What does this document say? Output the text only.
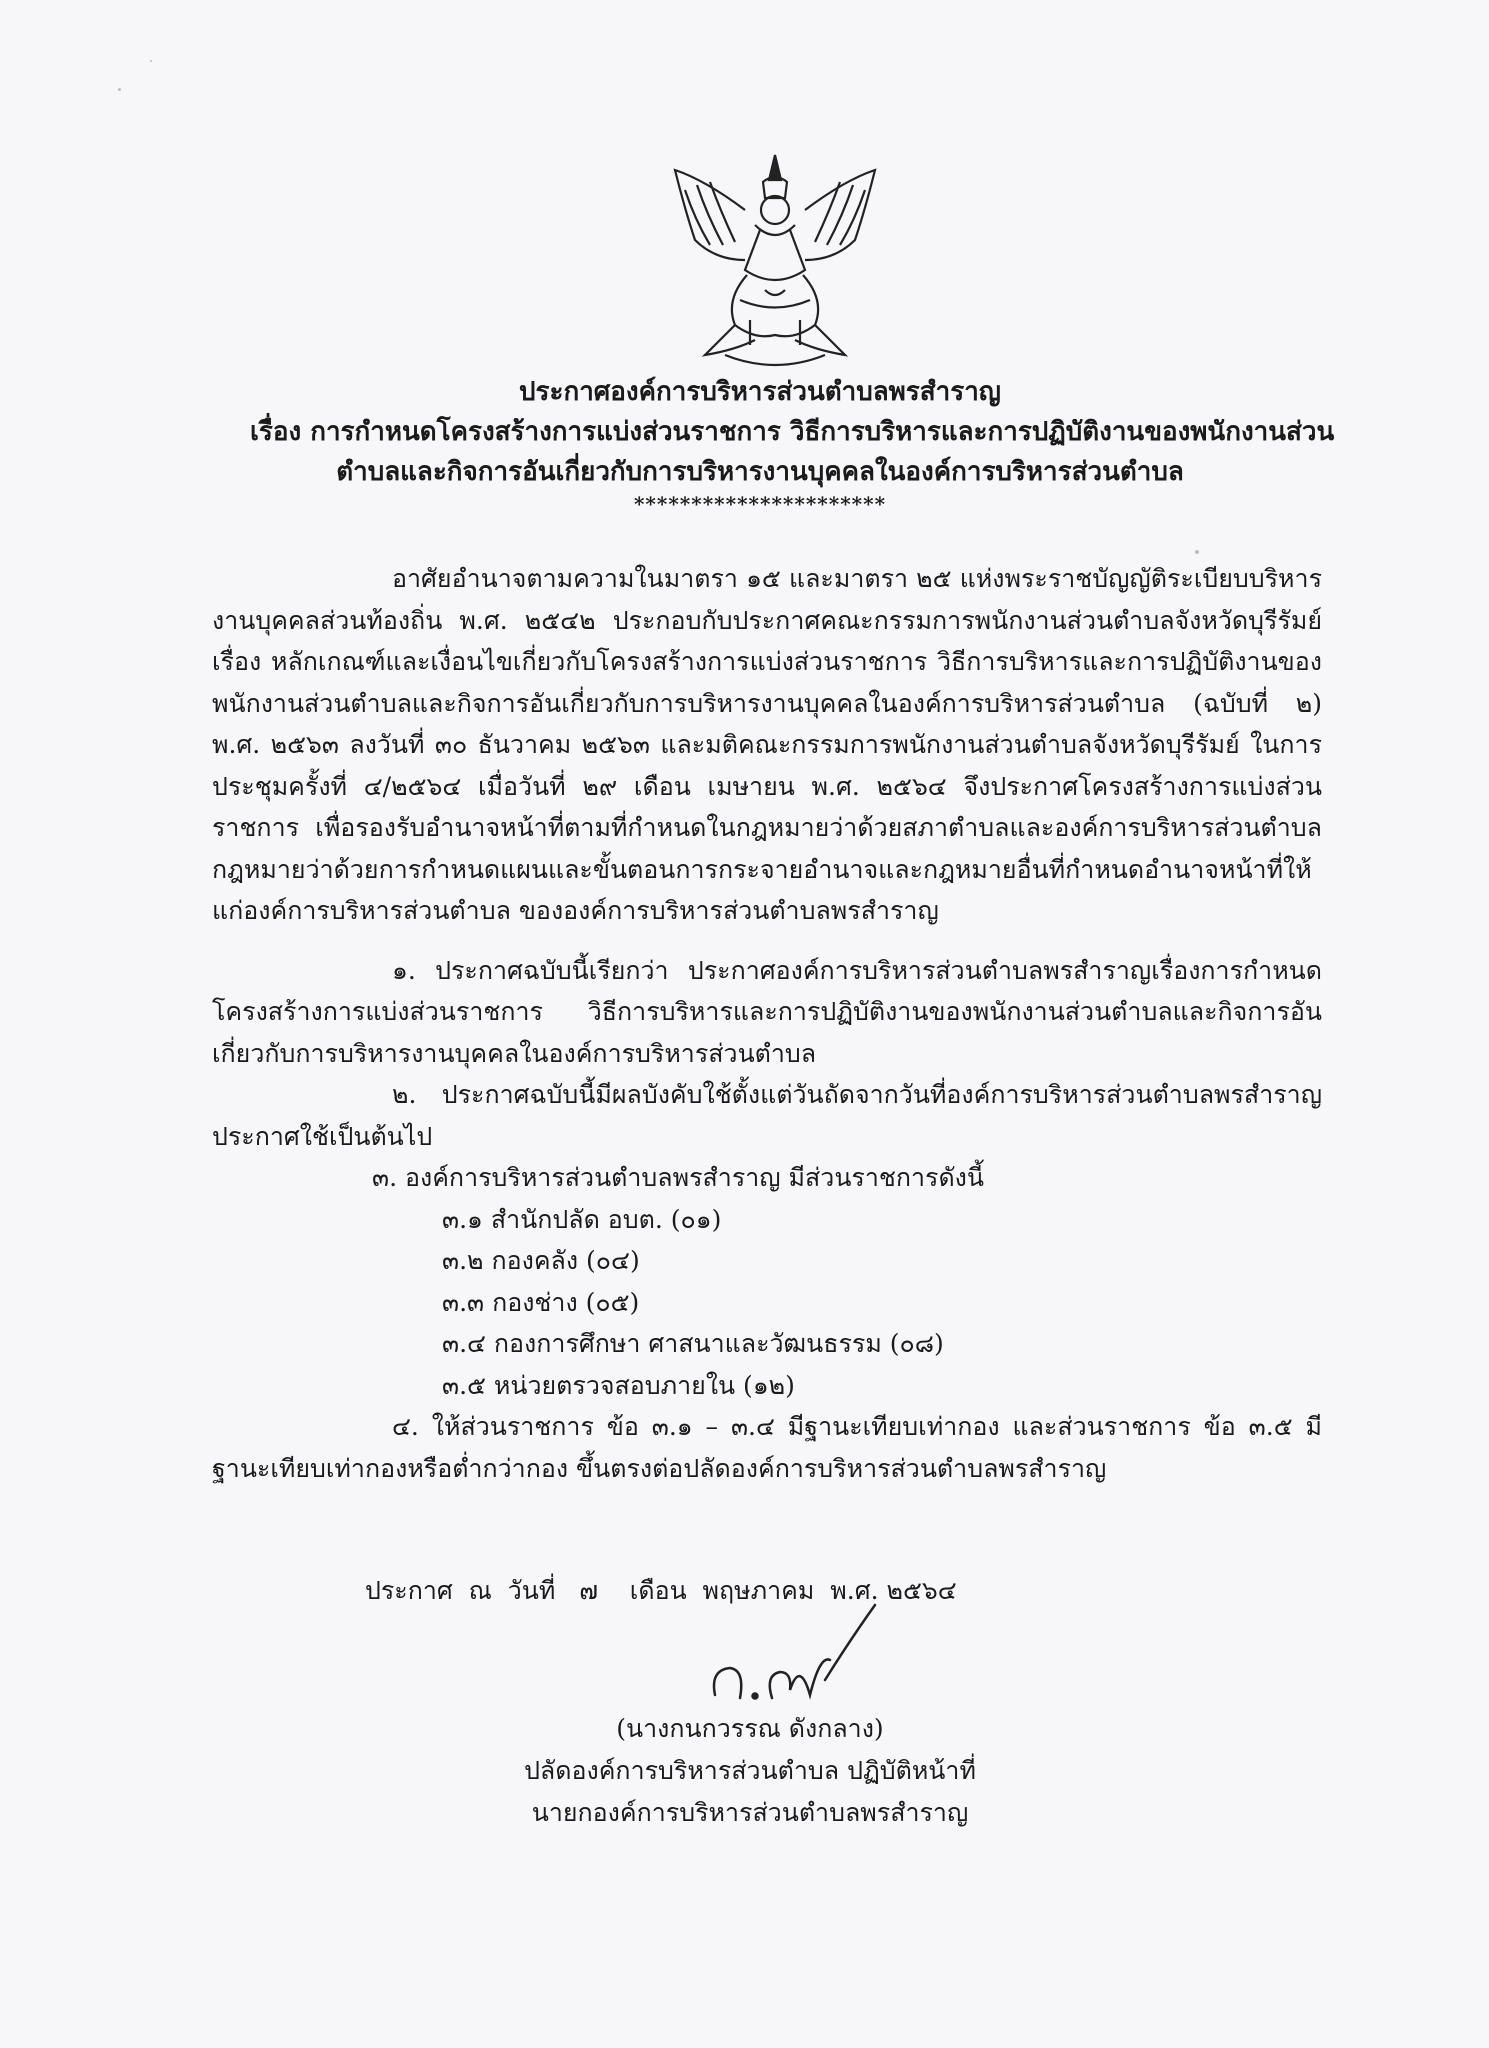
ประกาศองค์การบริหารส่วนตำบลพรสำราญ
เรื่อง การกำหนดโครงสร้างการแบ่งส่วนราชการ วิธีการบริหารและการปฏิบัติงานของพนักงานส่วน
ตำบลและกิจการอันเกี่ยวกับการบริหารงานบุคคลในองค์การบริหารส่วนตำบล
**********************

อาศัยอำนาจตามความในมาตรา ๑๕ และมาตรา ๒๕ แห่งพระราชบัญญัติระเบียบบริหารงานบุคคลส่วนท้องถิ่น พ.ศ. ๒๕๔๒ ประกอบกับประกาศคณะกรรมการพนักงานส่วนตำบลจังหวัดบุรีรัมย์ เรื่อง หลักเกณฑ์และเงื่อนไขเกี่ยวกับโครงสร้างการแบ่งส่วนราชการ วิธีการบริหารและการปฏิบัติงานของพนักงานส่วนตำบลและกิจการอันเกี่ยวกับการบริหารงานบุคคลในองค์การบริหารส่วนตำบล (ฉบับที่ ๒) พ.ศ. ๒๕๖๓ ลงวันที่ ๓๐ ธันวาคม ๒๕๖๓ และมติคณะกรรมการพนักงานส่วนตำบลจังหวัดบุรีรัมย์ ในการประชุมครั้งที่ ๔/๒๕๖๔ เมื่อวันที่ ๒๙ เดือน เมษายน พ.ศ. ๒๕๖๔ จึงประกาศโครงสร้างการแบ่งส่วนราชการ เพื่อรองรับอำนาจหน้าที่ตามที่กำหนดในกฎหมายว่าด้วยสภาตำบลและองค์การบริหารส่วนตำบล กฎหมายว่าด้วยการกำหนดแผนและขั้นตอนการกระจายอำนาจและกฎหมายอื่นที่กำหนดอำนาจหน้าที่ให้แก่องค์การบริหารส่วนตำบล ขององค์การบริหารส่วนตำบลพรสำราญ

๑. ประกาศฉบับนี้เรียกว่า ประกาศองค์การบริหารส่วนตำบลพรสำราญเรื่องการกำหนดโครงสร้างการแบ่งส่วนราชการ วิธีการบริหารและการปฏิบัติงานของพนักงานส่วนตำบลและกิจการอันเกี่ยวกับการบริหารงานบุคคลในองค์การบริหารส่วนตำบล

๒. ประกาศฉบับนี้มีผลบังคับใช้ตั้งแต่วันถัดจากวันที่องค์การบริหารส่วนตำบลพรสำราญประกาศใช้เป็นต้นไป

๓. องค์การบริหารส่วนตำบลพรสำราญ มีส่วนราชการดังนี้

๓.๑ สำนักปลัด อบต. (๐๑)

๓.๒ กองคลัง (๐๔)

๓.๓ กองช่าง (๐๕)

๓.๔ กองการศึกษา ศาสนาและวัฒนธรรม (๐๘)

๓.๕ หน่วยตรวจสอบภายใน (๑๒)

๔. ให้ส่วนราชการ ข้อ ๓.๑ – ๓.๔ มีฐานะเทียบเท่ากอง และส่วนราชการ ข้อ ๓.๕ มีฐานะเทียบเท่ากองหรือต่ำกว่ากอง ขึ้นตรงต่อปลัดองค์การบริหารส่วนตำบลพรสำราญ

ประกาศ  ณ  วันที่   ๗    เดือน  พฤษภาคม  พ.ศ. ๒๕๖๔
(นางกนกวรรณ ดังกลาง)
ปลัดองค์การบริหารส่วนตำบล ปฏิบัติหน้าที่
นายกองค์การบริหารส่วนตำบลพรสำราญ
